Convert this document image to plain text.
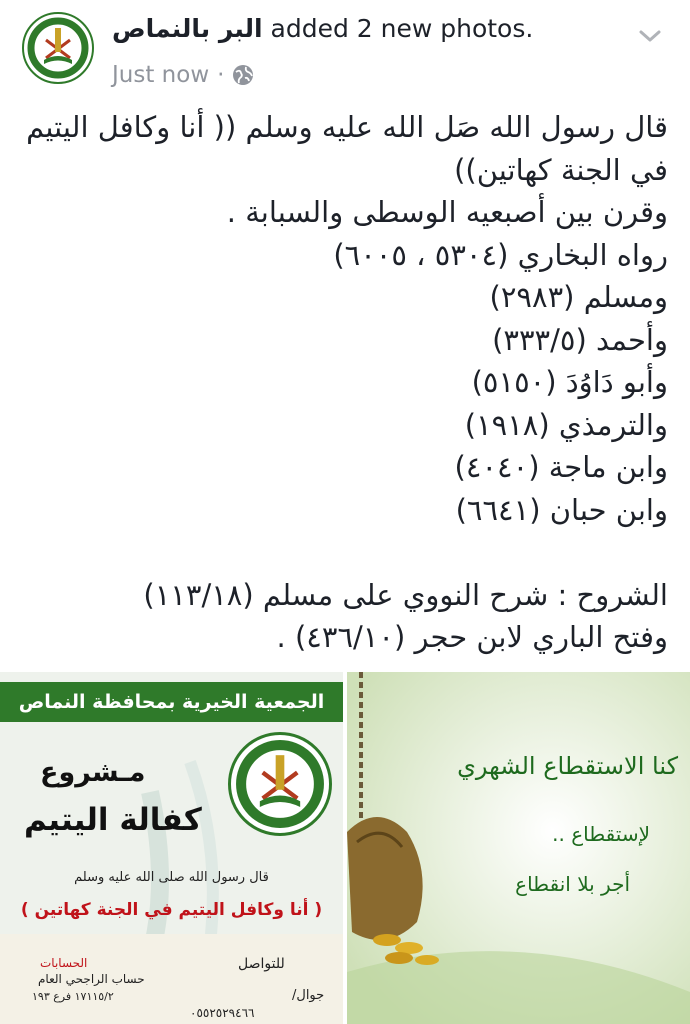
البر بالنماص added 2 new photos.
Just now ·
قال رسول الله صَل الله عليه وسلم (( أنا وكافل اليتيم
في الجنة كهاتين))
وقرن بين أصبعيه الوسطى والسبابة .
رواه البخاري (٥٣٠٤ ، ٦٠٠٥)
ومسلم (٢٩٨٣)
وأحمد (٣٣٣/٥)
وأبو دَاوُدَ (٥١٥٠)
والترمذي (١٩١٨)
وابن ماجة (٤٠٤٠)
وابن حبان (٦٦٤١)

الشروح : شرح النووي على مسلم (١١٣/١٨)
وفتح الباري لابن حجر (٤٣٦/١٠) .
الجمعية الخيرية بمحافظة النماص
مـشروع
كفالة اليتيم
قال رسول الله صلى الله عليه وسلم
( أنا وكافل اليتيم في الجنة كهاتين )
للتواصل
جوال/
٠٥٥٢٥٢٩٤٦٦
الحسابات
حساب الراجحي العام
١٧١١٥/٢ فرع ١٩٣
كنا الاستقطاع الشهري
لإستقطاع ..
أجر بلا انقطاع
